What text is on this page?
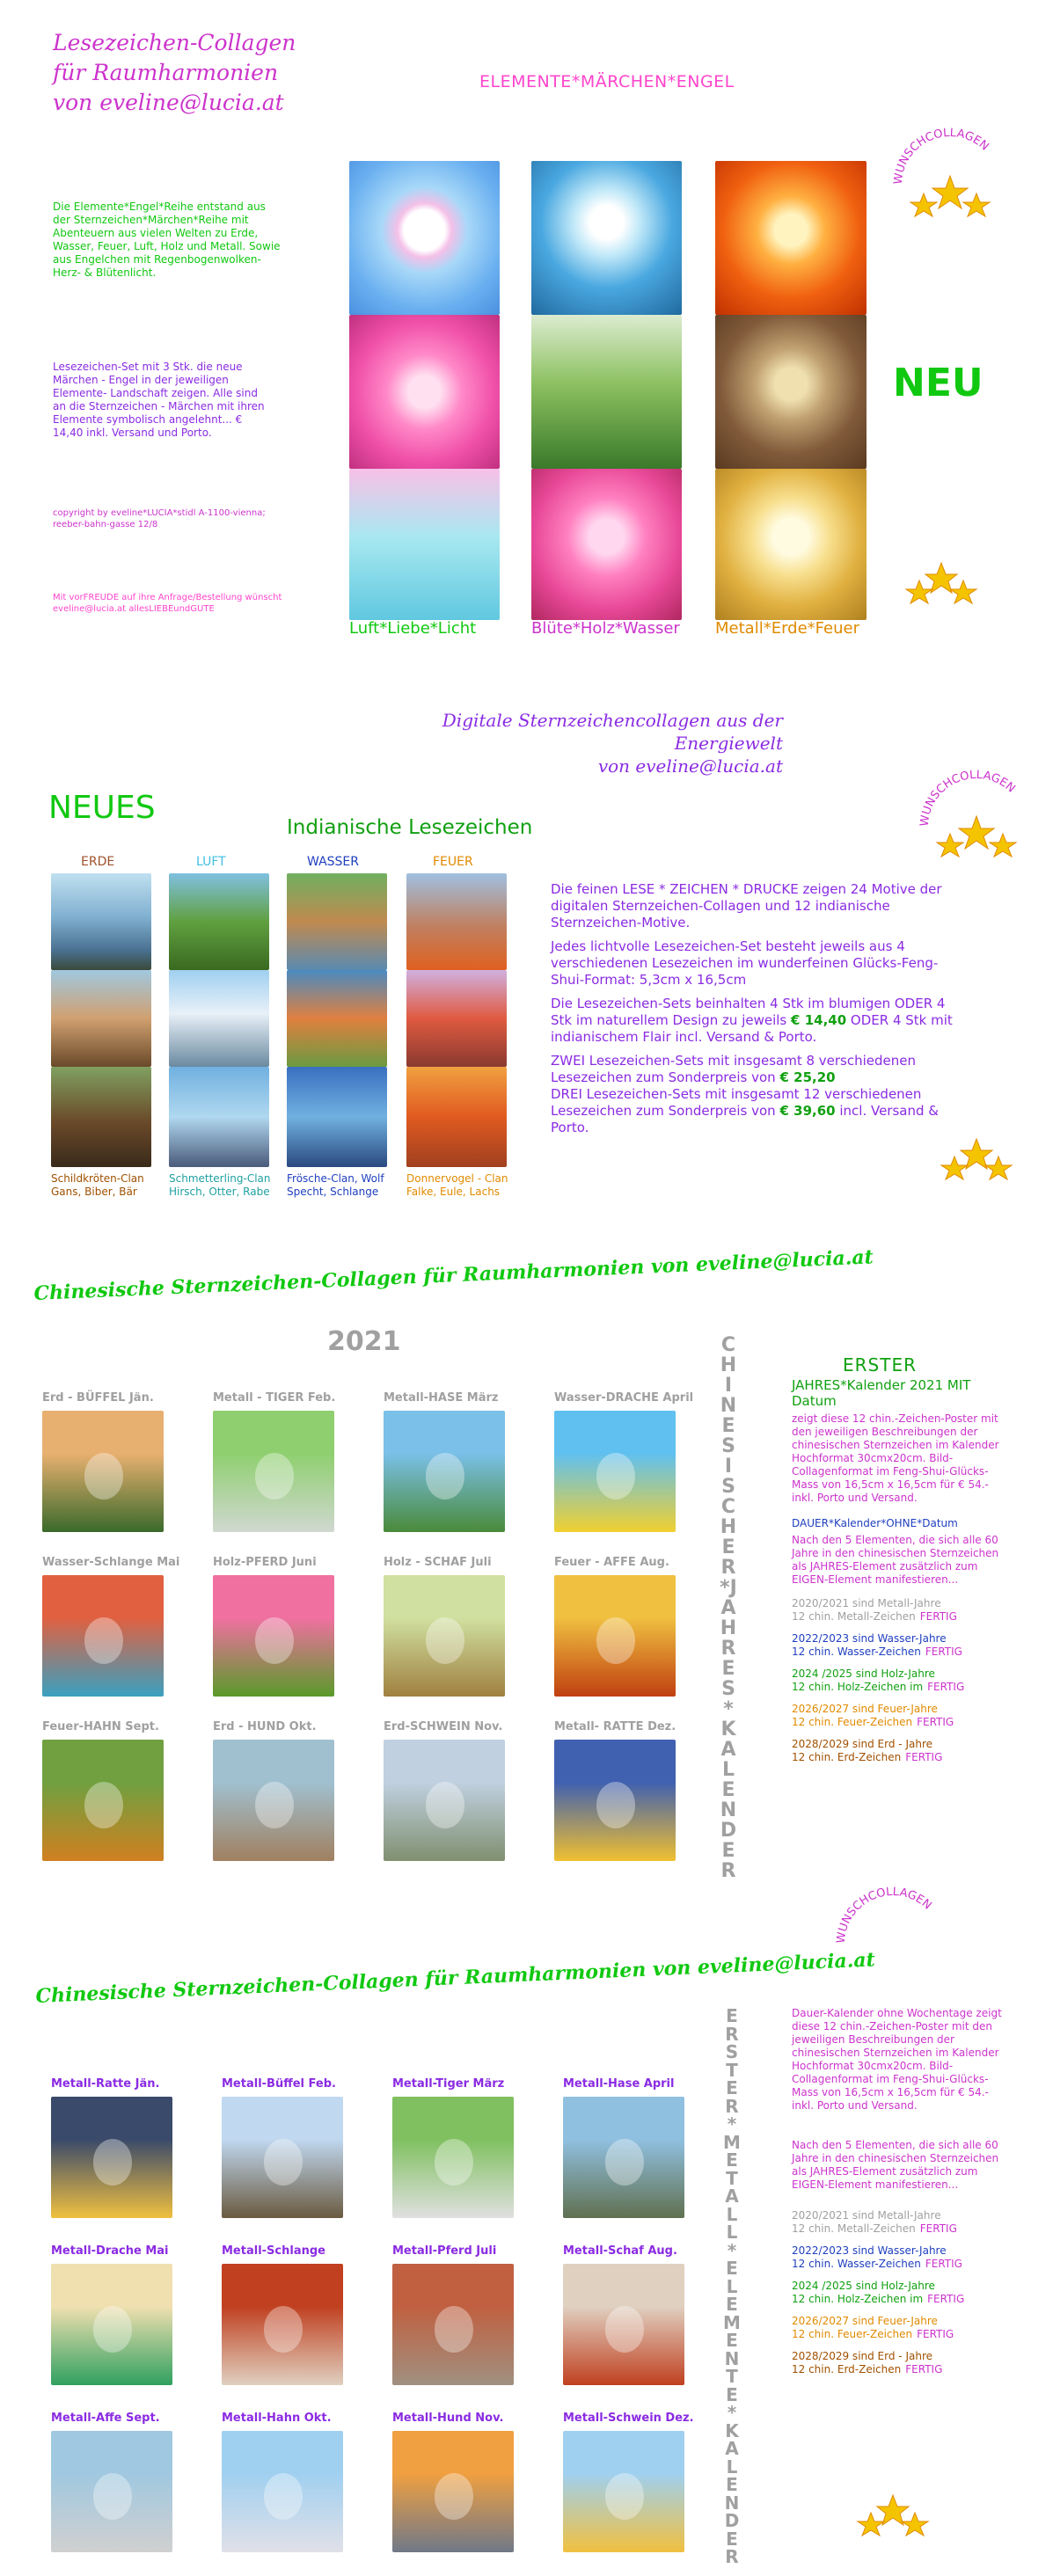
Lesezeichen-Collagen
für Raumharmonien
von eveline@lucia.at
ELEMENTE*MÄRCHEN*ENGEL
Die Elemente*Engel*Reihe entstand aus der Sternzeichen*Märchen*Reihe mit Abenteuern aus vielen Welten zu Erde, Wasser, Feuer, Luft, Holz und Metall. Sowie aus Engelchen mit Regenbogenwolken- Herz- & Blütenlicht.
Lesezeichen-Set mit 3 Stk. die neue Märchen - Engel in der jeweiligen Elemente- Landschaft zeigen. Alle sind an die Sternzeichen - Märchen mit ihren Elemente symbolisch angelehnt... € 14,40 inkl. Versand und Porto.
copyright by eveline*LUCIA*stidl A-1100-vienna; reeber-bahn-gasse 12/8
Mit vorFREUDE auf ihre Anfrage/Bestellung wünscht eveline@lucia.at allesLIEBEundGUTE
Luft*Liebe*Licht	Blüte*Holz*Wasser Metall*Erde*Feuer
WUNSCHCOLLAGEN
NEU
Digitale Sternzeichencollagen aus der Energiewelt
von eveline@lucia.at
NEUES
Indianische Lesezeichen	WUNSCHCOLLAGEN
ERDE	LUFT	WASSER	FEUER
Schildkröten-Clan Gans, Biber, Bär
Schmetterling-Clan Hirsch, Otter, Rabe
Frösche-Clan, Wolf Specht, Schlange
Donnervogel - Clan Falke, Eule, Lachs
Die feinen LESE * ZEICHEN * DRUCKE zeigen 24 Motive der digitalen Sternzeichen-Collagen und 12 indianische Sternzeichen-Motive.
Jedes lichtvolle Lesezeichen-Set besteht jeweils aus 4 verschiedenen Lesezeichen im wunderfeinen Glücks-Feng-Shui-Format: 5,3cm x 16,5cm
Die Lesezeichen-Sets beinhalten 4 Stk im blumigen ODER 4 Stk im naturellem Design zu jeweils € 14,40 ODER 4 Stk mit indianischem Flair incl. Versand & Porto.
ZWEI Lesezeichen-Sets mit insgesamt 8 verschiedenen Lesezeichen zum Sonderpreis von € 25,20
DREI Lesezeichen-Sets mit insgesamt 12 verschiedenen Lesezeichen zum Sonderpreis von € 39,60 incl. Versand & Porto.
Chinesische Sternzeichen-Collagen für Raumharmonien von eveline@lucia.at
2021
Erd - BÜFFEL Jän.	Metall - TIGER Feb.	Metall-HASE März	Wasser-DRACHE April
Wasser-Schlange Mai	Holz-PFERD Juni	Holz - SCHAF Juli	Feuer - AFFE Aug.
Feuer-HAHN Sept.	Erd - HUND Okt.	Erd-SCHWEIN Nov.	Metall- RATTE Dez.
CHINESISCHER*JAHRES*KALENDER
ERSTER
JAHRES*Kalender 2021 MIT Datum
zeigt diese 12 chin.-Zeichen-Poster mit den jeweiligen Beschreibungen der chinesischen Sternzeichen im Kalender Hochformat 30cmx20cm. Bild-Collagenformat im Feng-Shui-Glücks-Mass von 16,5cm x 16,5cm für € 54.- inkl. Porto und Versand.
DAUER*Kalender*OHNE*Datum
Nach den 5 Elementen, die sich alle 60 Jahre in den chinesischen Sternzeichen als JAHRES-Element zusätzlich zum EIGEN-Element manifestieren...
2020/2021 sind Metall-Jahre
12 chin. Metall-Zeichen FERTIG
2022/2023 sind Wasser-Jahre
12 chin. Wasser-Zeichen FERTIG
2024 /2025 sind Holz-Jahre
12 chin. Holz-Zeichen im FERTIG
2026/2027 sind Feuer-Jahre
12 chin. Feuer-Zeichen FERTIG
2028/2029 sind Erd - Jahre
12 chin. Erd-Zeichen FERTIG
WUNSCHCOLLAGEN
Chinesische Sternzeichen-Collagen für Raumharmonien von eveline@lucia.at
Metall-Ratte Jän.	Metall-Büffel Feb.	Metall-Tiger März	Metall-Hase April
Metall-Drache Mai	Metall-Schlange	Metall-Pferd Juli	Metall-Schaf Aug.
Metall-Affe Sept.	Metall-Hahn Okt.	Metall-Hund Nov.	Metall-Schwein Dez.
ERSTER*METALL*ELEMENTE*KALENDER
Dauer-Kalender ohne Wochentage zeigt diese 12 chin.-Zeichen-Poster mit den jeweiligen Beschreibungen der chinesischen Sternzeichen im Kalender Hochformat 30cmx20cm. Bild-Collagenformat im Feng-Shui-Glücks-Mass von 16,5cm x 16,5cm für € 54.- inkl. Porto und Versand.
Nach den 5 Elementen, die sich alle 60 Jahre in den chinesischen Sternzeichen als JAHRES-Element zusätzlich zum EIGEN-Element manifestieren...
2020/2021 sind Metall-Jahre
12 chin. Metall-Zeichen FERTIG
2022/2023 sind Wasser-Jahre
12 chin. Wasser-Zeichen FERTIG
2024 /2025 sind Holz-Jahre
12 chin. Holz-Zeichen im FERTIG
2026/2027 sind Feuer-Jahre
12 chin. Feuer-Zeichen FERTIG
2028/2029 sind Erd - Jahre
12 chin. Erd-Zeichen FERTIG
